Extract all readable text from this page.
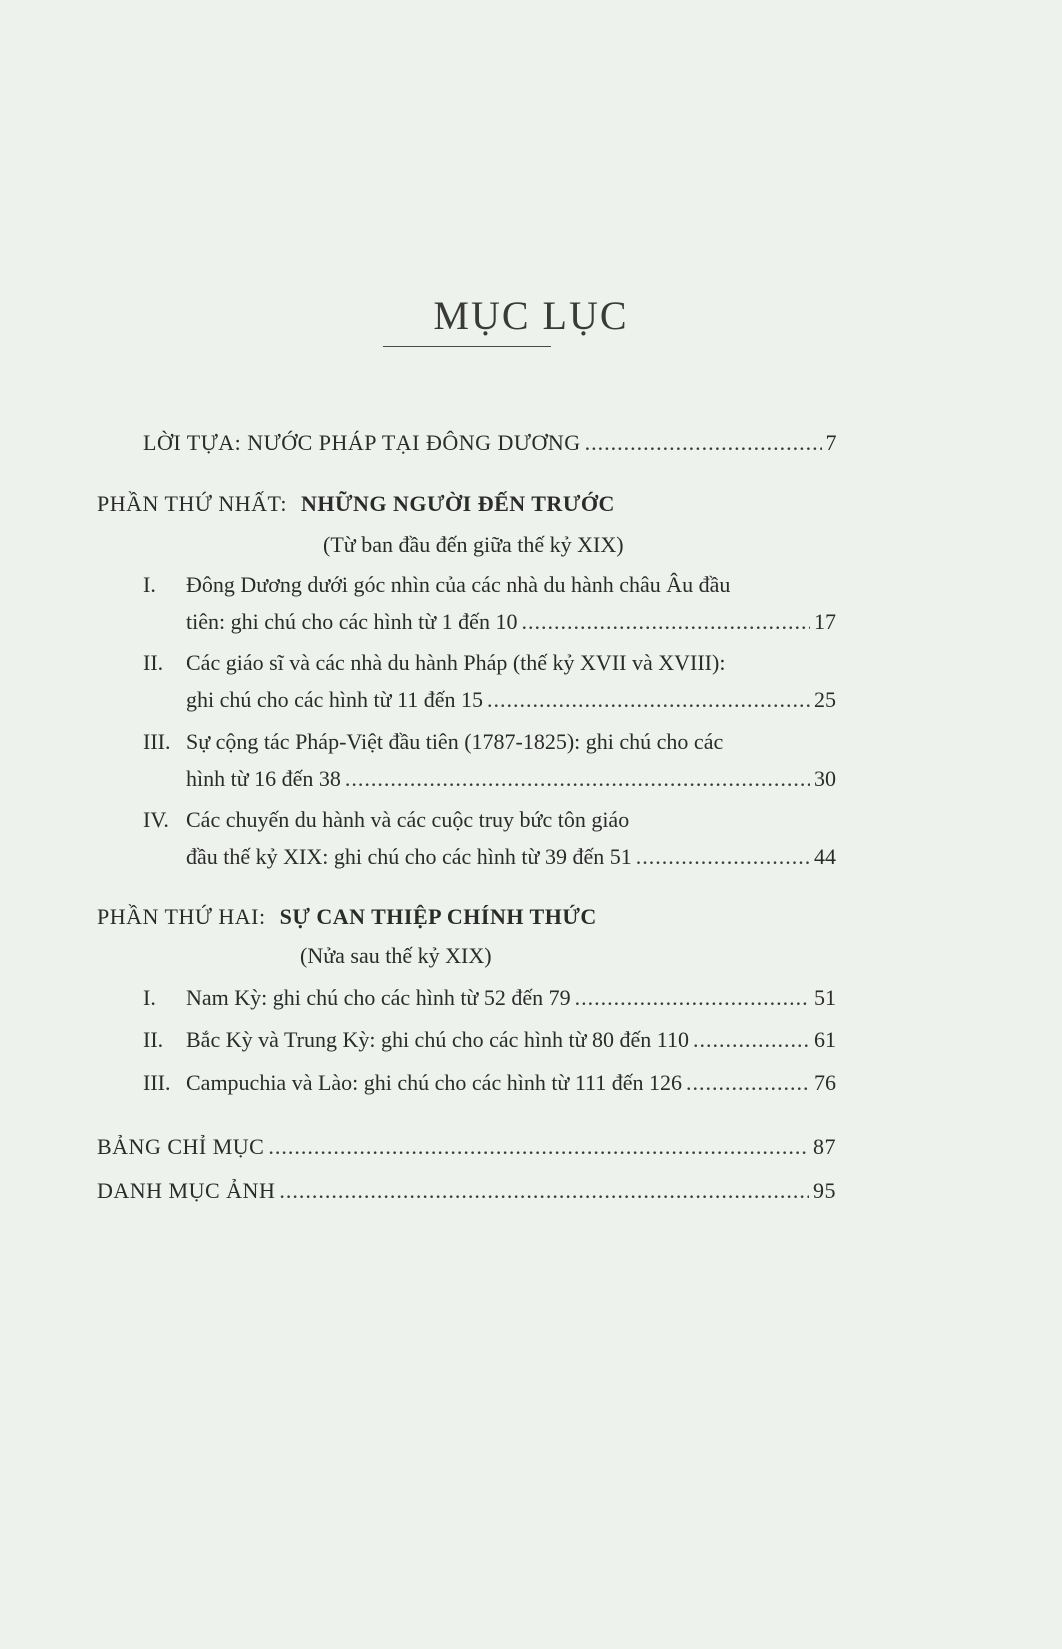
MỤC LỤC
LỜI TỰA: NƯỚC PHÁP TẠI ĐÔNG DƯƠNG .....	7
PHẦN THỨ NHẤT: NHỮNG NGƯỜI ĐẾN TRƯỚC
(Từ ban đầu đến giữa thế kỷ XIX)
I. Đông Dương dưới góc nhìn của các nhà du hành châu Âu đầu
tiên: ghi chú cho các hình từ 1 đến 10 .....	17
II. Các giáo sĩ và các nhà du hành Pháp (thế kỷ XVII và XVIII):
ghi chú cho các hình từ 11 đến 15 .....	25
III. Sự cộng tác Pháp-Việt đầu tiên (1787-1825): ghi chú cho các
hình từ 16 đến 38 .....	30
IV. Các chuyến du hành và các cuộc truy bức tôn giáo
đầu thế kỷ XIX: ghi chú cho các hình từ 39 đến 51 .....	44
PHẦN THỨ HAI: SỰ CAN THIỆP CHÍNH THỨC
(Nửa sau thế kỷ XIX)
I. Nam Kỳ: ghi chú cho các hình từ 52 đến 79 .....	51
II. Bắc Kỳ và Trung Kỳ: ghi chú cho các hình từ 80 đến 110 .....	61
III. Campuchia và Lào: ghi chú cho các hình từ 111 đến 126 .....	76
BẢNG CHỈ MỤC .....	87
DANH MỤC ẢNH .....	95
